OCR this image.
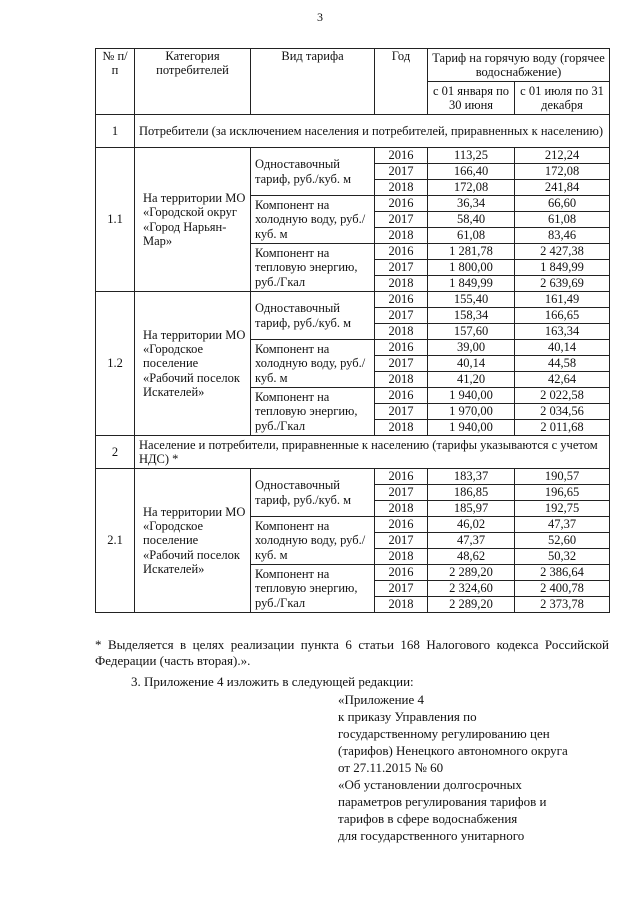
3
№ п/п	Категория потребителей	Вид тарифа	Год	Тариф на горячую воду (горячее водоснабжение)	
				с 01 января по 30 июня	с 01 июля по 31 декабря
1	Потребители (за исключением населения и потребителей, приравненных к населению)				
1.1	На территории МО «Городской округ «Город Нарьян-Мар»	Одноставочный тариф, руб./куб. м	2016	113,25	212,24
			2017	166,40	172,08
			2018	172,08	241,84
		Компонент на холодную воду, руб./куб. м	2016	36,34	66,60
			2017	58,40	61,08
			2018	61,08	83,46
		Компонент на тепловую энергию, руб./Гкал	2016	1 281,78	2 427,38
			2017	1 800,00	1 849,99
			2018	1 849,99	2 639,69
1.2	На территории МО «Городское поселение «Рабочий поселок Искателей»	Одноставочный тариф, руб./куб. м	2016	155,40	161,49
			2017	158,34	166,65
			2018	157,60	163,34
		Компонент на холодную воду, руб./куб. м	2016	39,00	40,14
			2017	40,14	44,58
			2018	41,20	42,64
		Компонент на тепловую энергию, руб./Гкал	2016	1 940,00	2 022,58
			2017	1 970,00	2 034,56
			2018	1 940,00	2 011,68
2	Население и потребители, приравненные к населению (тарифы указываются с учетом НДС) *				
2.1	На территории МО «Городское поселение «Рабочий поселок Искателей»	Одноставочный тариф, руб./куб. м	2016	183,37	190,57
			2017	186,85	196,65
			2018	185,97	192,75
		Компонент на холодную воду, руб./куб. м	2016	46,02	47,37
			2017	47,37	52,60
			2018	48,62	50,32
		Компонент на тепловую энергию, руб./Гкал	2016	2 289,20	2 386,64
			2017	2 324,60	2 400,78
			2018	2 289,20	2 373,78

* Выделяется в целях реализации пункта 6 статьи 168 Налогового кодекса Российской Федерации (часть вторая).».

3. Приложение 4 изложить в следующей редакции:

«Приложение 4
к приказу Управления по
государственному регулированию цен
(тарифов) Ненецкого автономного округа
от 27.11.2015 № 60
«Об установлении долгосрочных
параметров регулирования тарифов и
тарифов в сфере водоснабжения
для государственного унитарного
